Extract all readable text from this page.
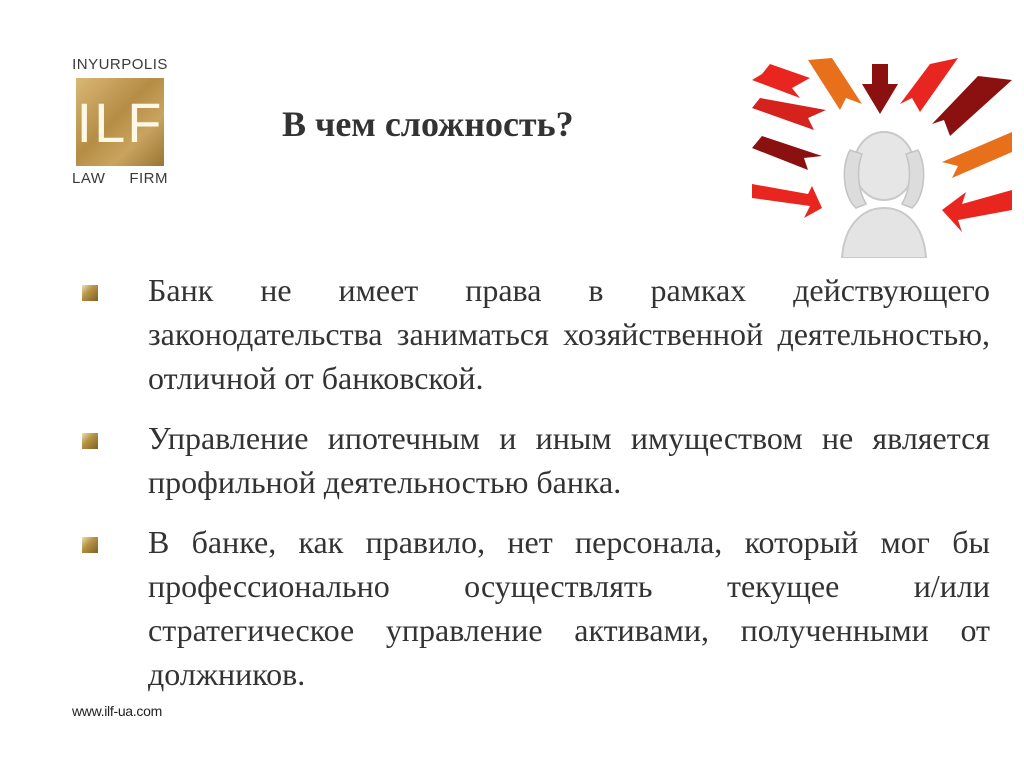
INYURPOLIS
ILF
LAW FIRM
В чем сложность?
Банк не имеет права в рамках действующего законодательства заниматься хозяйственной деятельностью, отличной от банковской.
Управление ипотечным и иным имуществом не является профильной деятельностью банка.
В банке, как правило, нет персонала, который мог бы профессионально осуществлять текущее и/или стратегическое управление активами, полученными от должников.
www.ilf-ua.com
